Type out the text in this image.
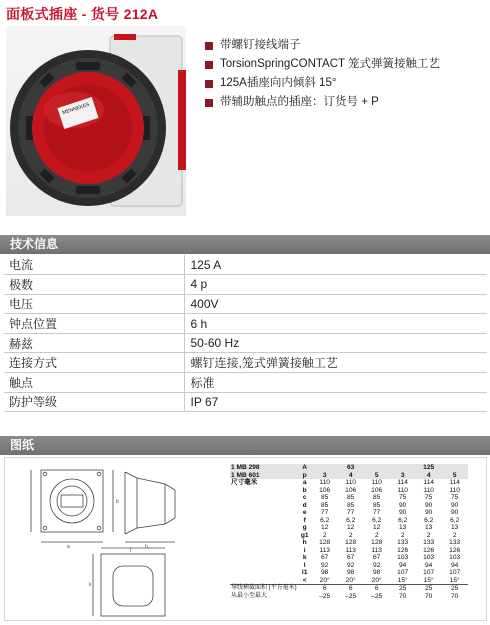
面板式插座 - 货号 212A
MENNEKES
带螺钉接线端子
TorsionSpringCONTACT 笼式弹簧接触工艺
125A插座向内倾斜 15°
带辅助触点的插座：订货号 + P
技术信息
电流	125 A
极数	4 p
电压	400V
钟点位置	6 h
赫兹	50-60 Hz
连接方式	螺钉连接,笼式弹簧接触工艺
触点	标准
防护等级	IP 67
图纸
a
b
h
k
l
1 MB 298	A	63			125		
1 MB 601	p	3	4	5	3	4	5
尺寸毫米	a	110	110	110	114	114	114
	b	106	106	106	110	110	110
	c	85	85	85	75	75	75
	d	85	85	85	90	90	90
	e	77	77	77	90	90	90
	f	6,2	6,2	6,2	6,2	6,2	6,2
	g	12	12	12	13	13	13
	g1	2	2	2	2	2	2
	h	128	128	128	133	133	133
	i	113	113	113	126	126	126
	k	67	67	67	103	103	103
	l	92	92	92	94	94	94
	l1	98	98	98	107	107	107
	<	20°	20°	20°	15°	15°	15°
导线横截面积 (平方毫米)		6	6	6	25	25	25
从最小至最大		–25	–25	–25	70	70	70
